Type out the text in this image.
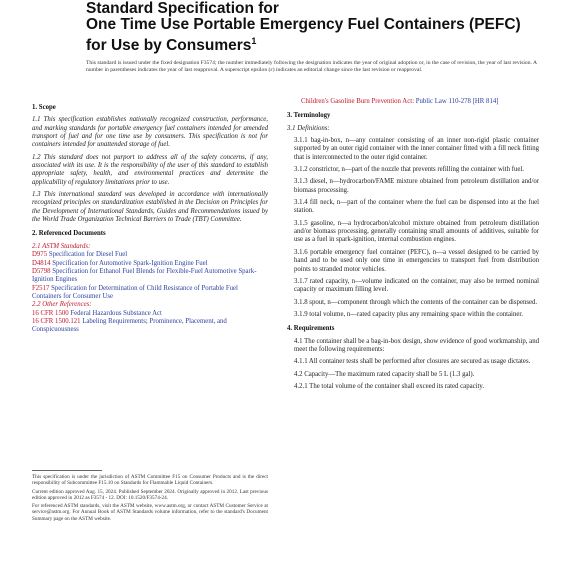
Standard Specification for
One Time Use Portable Emergency Fuel Containers (PEFC)
for Use by Consumers$^1$
This standard is issued under the fixed designation F3574; the number immediately following the designation indicates the year of original adoption or, in the case of revision, the year of last revision. A number in parentheses indicates the year of last reapproval. A superscript epsilon (ε) indicates an editorial change since the last revision or reapproval.
1. Scope

1.1 This specification establishes nationally recognized construction, performance, and marking standards for portable emergency fuel containers intended for amended transport of fuel and for one time use by consumers. This specification is not for containers intended for unattended storage of fuel.

1.2 This standard does not purport to address all of the safety concerns, if any, associated with its use. It is the responsibility of the user of this standard to establish appropriate safety, health, and environmental practices and determine the applicability of regulatory limitations prior to use.

1.3 This international standard was developed in accordance with internationally recognized principles on standardization established in the Decision on Principles for the Development of International Standards, Guides and Recommendations issued by the World Trade Organization Technical Barriers to Trade (TBT) Committee.

2. Referenced Documents
2.1 ASTM Standards:
D975 Specification for Diesel Fuel
D4814 Specification for Automotive Spark-Ignition Engine Fuel
D5798 Specification for Ethanol Fuel Blends for Flexible-Fuel Automotive Spark-Ignition Engines
F2517 Specification for Determination of Child Resistance of Portable Fuel Containers for Consumer Use
2.2 Other References:
16 CFR 1500 Federal Hazardous Substance Act
16 CFR 1500.121 Labeling Requirements; Prominence, Placement, and Conspicuousness

This specification is under the jurisdiction of ASTM Committee F15 on Consumer Products and is the direct responsibility of Subcommittee F15.10 on Standards for Flammable Liquid Containers.

Current edition approved Aug. 15, 2024. Published September 2024. Originally approved in 2012. Last previous edition approved in 2012 as F3574 - 12. DOI: 10.1520/F3574-24.

For referenced ASTM standards, visit the ASTM website, www.astm.org, or contact ASTM Customer Service at service@astm.org. For Annual Book of ASTM Standards volume information, refer to the standard's Document Summary page on the ASTM website.

Children's Gasoline Burn Prevention Act: Public Law 110-278 [HR 814]

3. Terminology

3.1 Definitions:

3.1.1 bag-in-box, n—any container consisting of an inner non-rigid plastic container supported by an outer rigid container with the inner container fitted with a fill neck fitting that is interconnected to the outer rigid container.

3.1.2 constrictor, n—part of the nozzle that prevents refilling the container with fuel.

3.1.3 diesel, n—hydrocarbon/FAME mixture obtained from petroleum distillation and/or biomass processing.

3.1.4 fill neck, n—part of the container where the fuel can be dispensed into at the fuel station.

3.1.5 gasoline, n—a hydrocarbon/alcohol mixture obtained from petroleum distillation and/or biomass processing, generally containing small amounts of additives, suitable for use as a fuel in spark-ignition, internal combustion engines.

3.1.6 portable emergency fuel container (PEFC), n—a vessel designed to be carried by hand and to be used only one time in emergencies to transport fuel from distribution points to stranded motor vehicles.

3.1.7 rated capacity, n—volume indicated on the container, may also be termed nominal capacity or maximum filling level.

3.1.8 spout, n—component through which the contents of the container can be dispensed.

3.1.9 total volume, n—rated capacity plus any remaining space within the container.

4. Requirements

4.1 The container shall be a bag-in-box design, show evidence of good workmanship, and meet the following requirements:

4.1.1 All container tests shall be performed after closures are secured as usage dictates.

4.2 Capacity—The maximum rated capacity shall be 5 L (1.3 gal).

4.2.1 The total volume of the container shall exceed its rated capacity.
